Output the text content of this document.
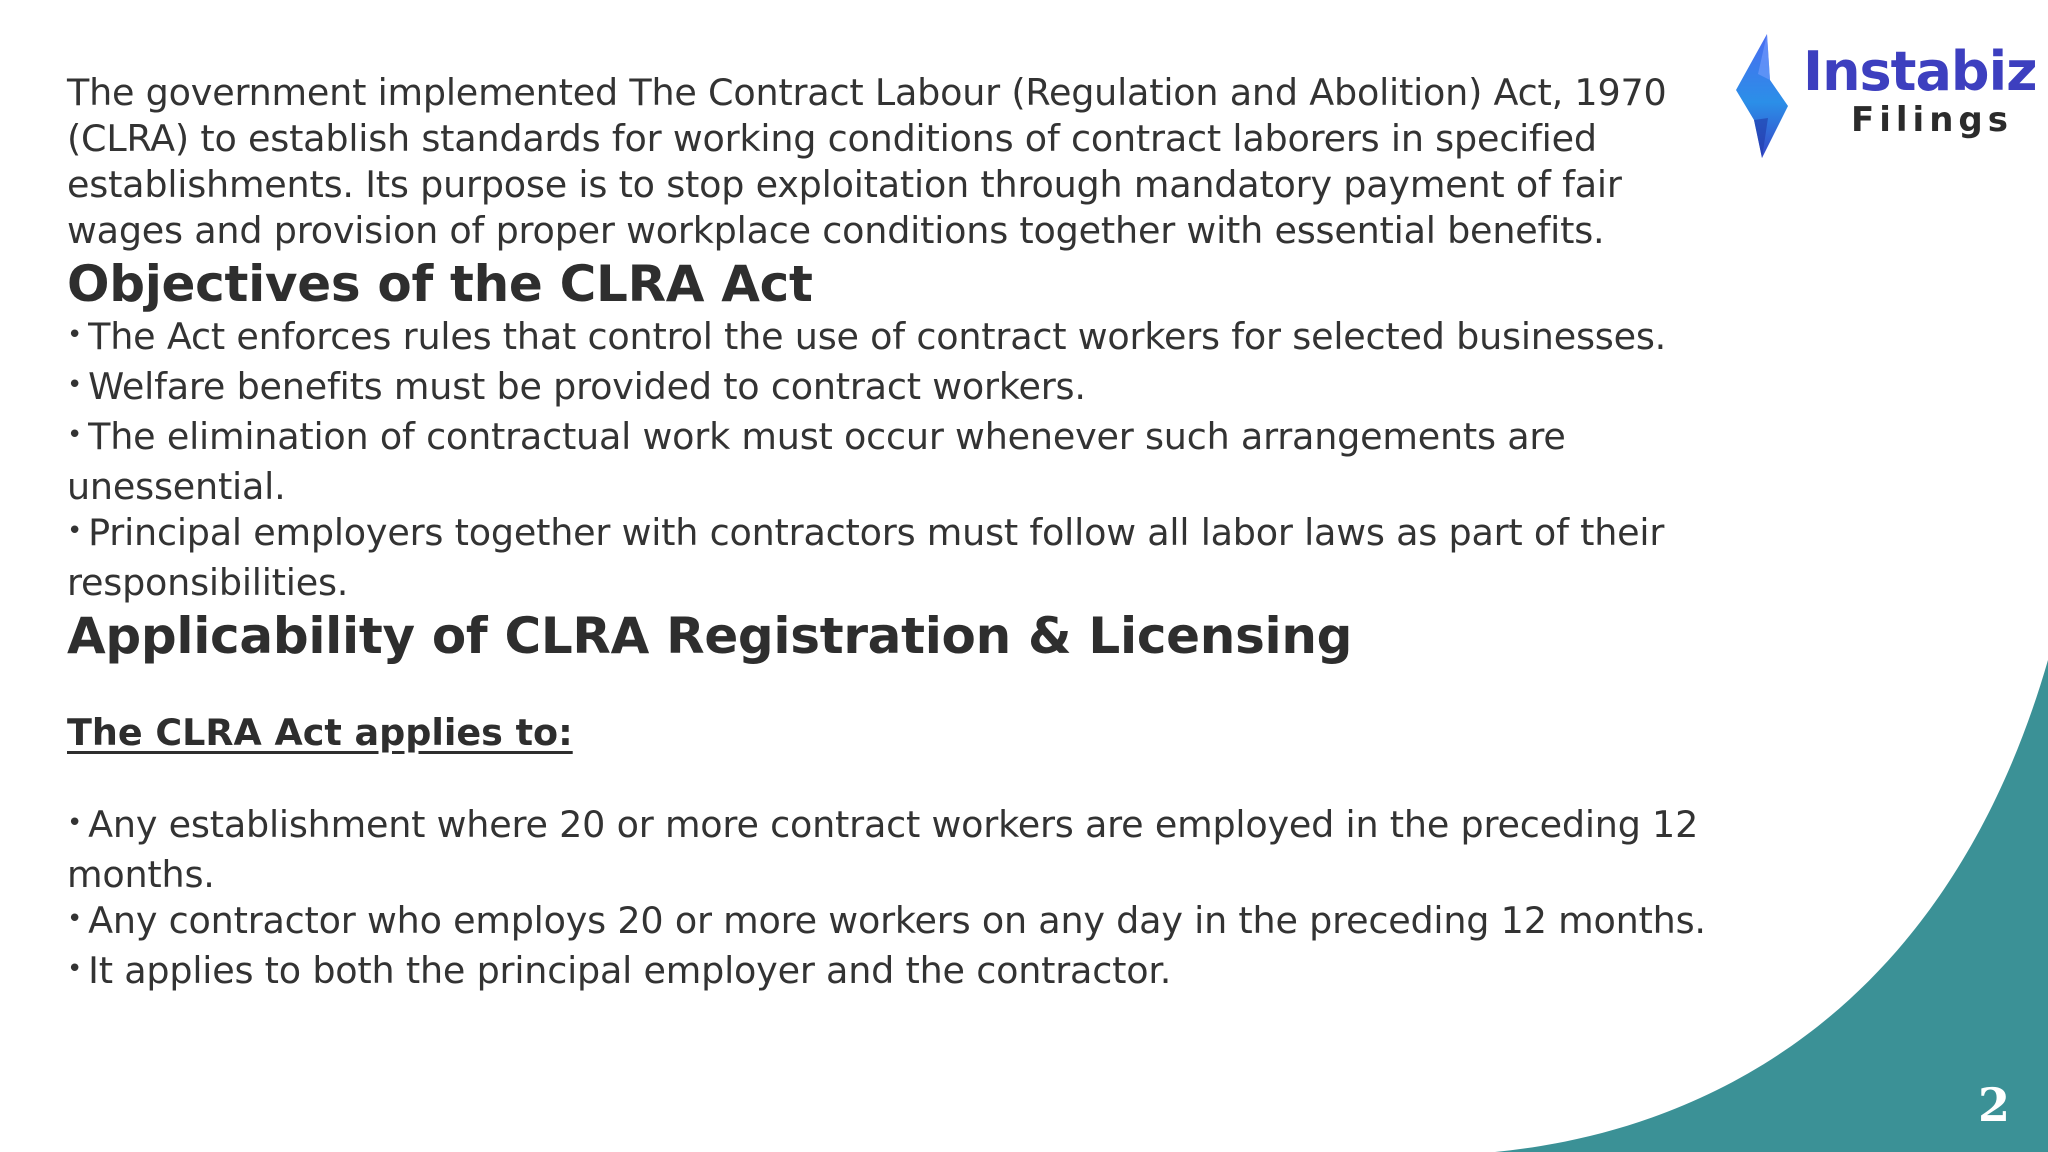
Instabiz
Filings

The government implemented The Contract Labour (Regulation and Abolition) Act, 1970 (CLRA) to establish standards for working conditions of contract laborers in specified establishments. Its purpose is to stop exploitation through mandatory payment of fair wages and provision of proper workplace conditions together with essential benefits.

Objectives of the CLRA Act
• The Act enforces rules that control the use of contract workers for selected businesses.
• Welfare benefits must be provided to contract workers.
• The elimination of contractual work must occur whenever such arrangements are unessential.
• Principal employers together with contractors must follow all labor laws as part of their responsibilities.
Applicability of CLRA Registration & Licensing
The CLRA Act applies to:
• Any establishment where 20 or more contract workers are employed in the preceding 12 months.
• Any contractor who employs 20 or more workers on any day in the preceding 12 months.
• It applies to both the principal employer and the contractor.
2
